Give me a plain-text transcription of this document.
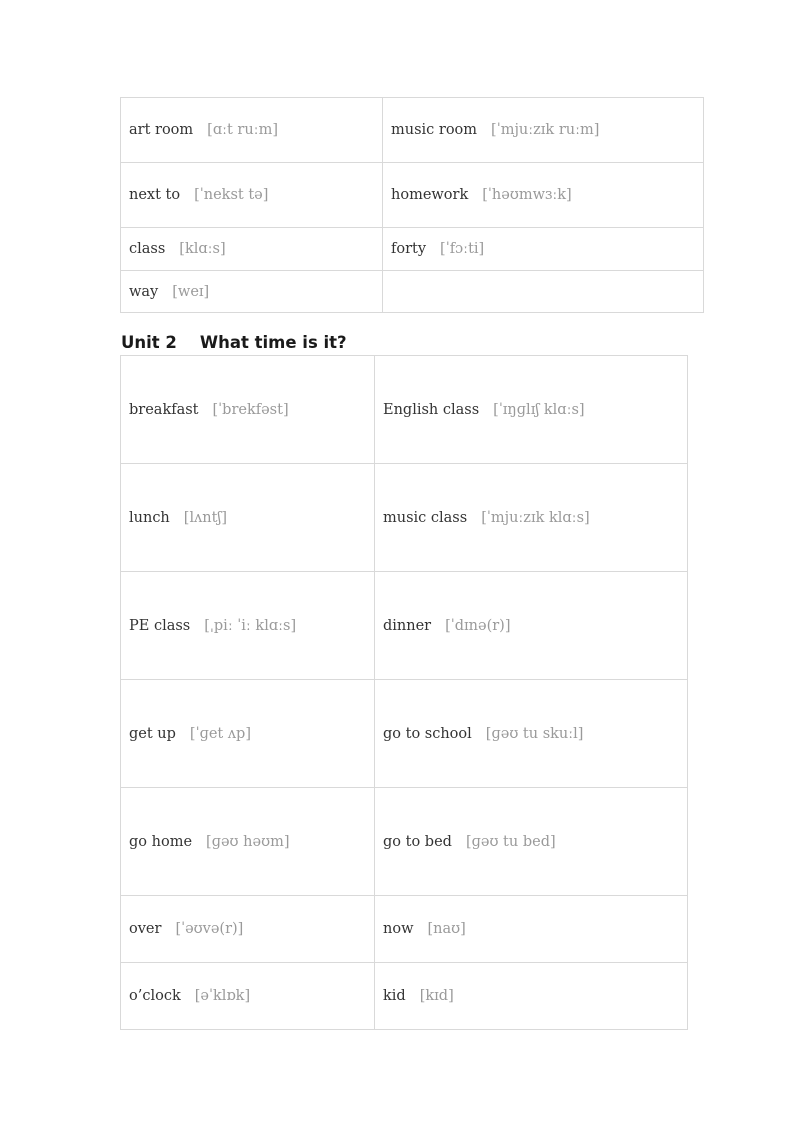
art room [ɑːt ruːm]	music room [ˈmjuːzɪk ruːm]
next to [ˈnekst tə]	homework [ˈhəʊmwɜːk]
class [klɑːs]	forty [ˈfɔːti]
way [weɪ]	
Unit 2 What time is it?
breakfast [ˈbrekfəst]	English class [ˈɪŋɡlɪʃ klɑːs]
lunch [lʌntʃ]	music class [ˈmjuːzɪk klɑːs]
PE class [ˌpiː ˈiː klɑːs]	dinner [ˈdɪnə(r)]
get up [ˈɡet ʌp]	go to school [ɡəʊ tu skuːl]
go home [ɡəʊ həʊm]	go to bed [ɡəʊ tu bed]
over [ˈəʊvə(r)]	now [naʊ]
o’clock [əˈklɒk]	kid [kɪd]
